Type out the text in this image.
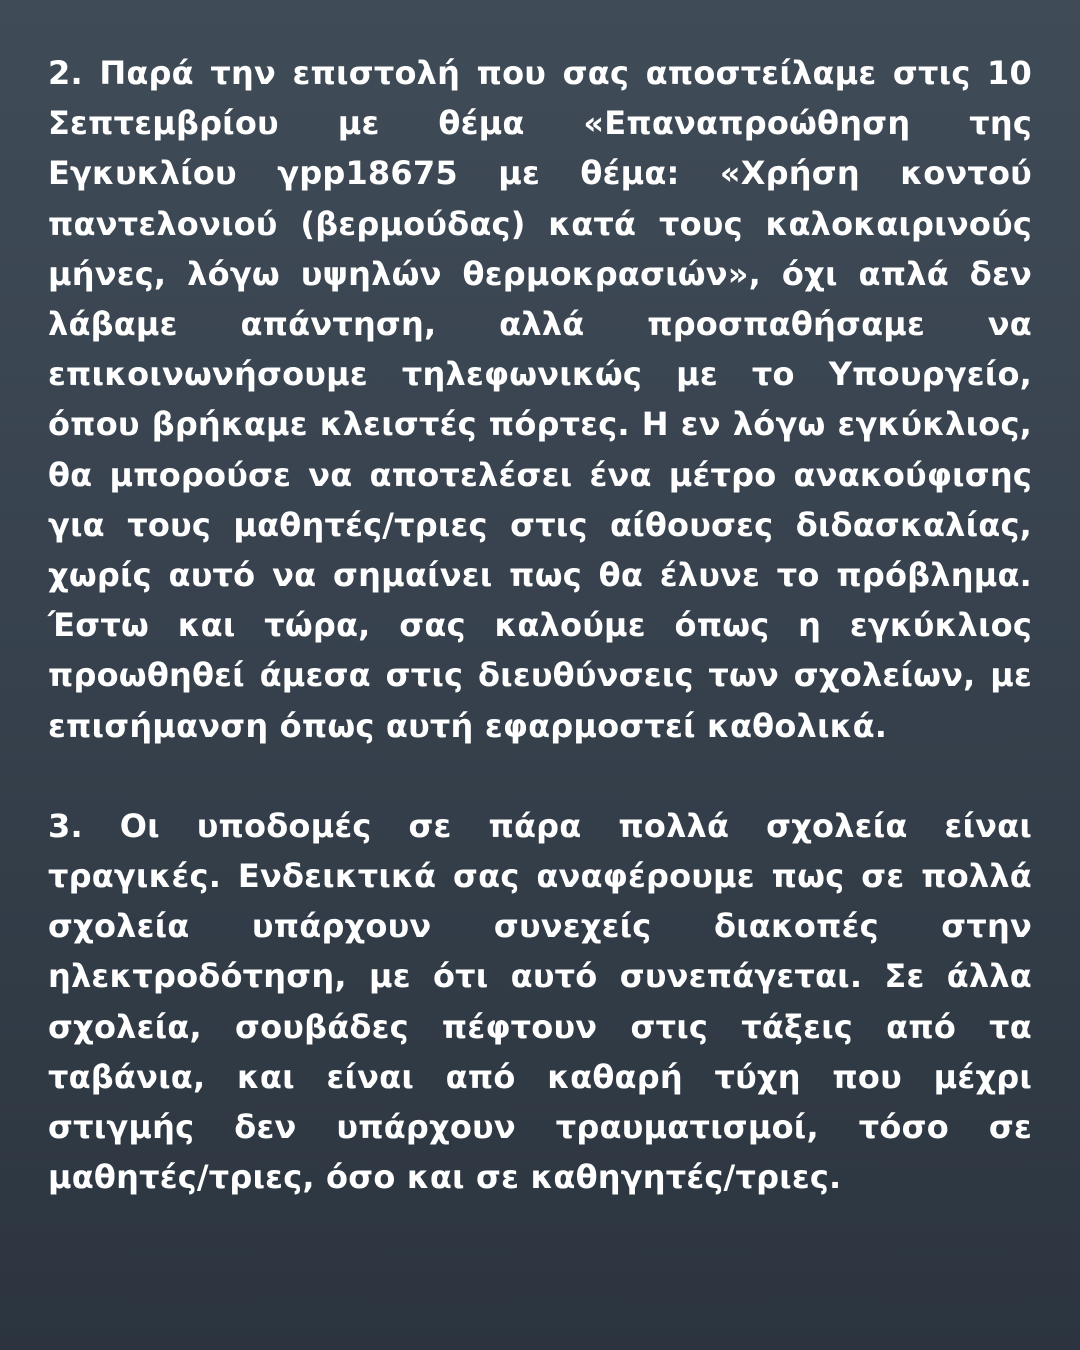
2. Παρά την επιστολή που σας αποστείλαμε στις 10 Σεπτεμβρίου με θέμα «Επαναπροώθηση της Εγκυκλίου γpp18675 με θέμα: «Χρήση κοντού παντελονιού (βερμούδας) κατά τους καλοκαιρινούς μήνες, λόγω υψηλών θερμοκρασιών», όχι απλά δεν λάβαμε απάντηση, αλλά προσπαθήσαμε να επικοινωνήσουμε τηλεφωνικώς με το Υπουργείο, όπου βρήκαμε κλειστές πόρτες. Η εν λόγω εγκύκλιος, θα μπορούσε να αποτελέσει ένα μέτρο ανακούφισης για τους μαθητές/τριες στις αίθουσες διδασκαλίας, χωρίς αυτό να σημαίνει πως θα έλυνε το πρόβλημα. Έστω και τώρα, σας καλούμε όπως η εγκύκλιος προωθηθεί άμεσα στις διευθύνσεις των σχολείων, με επισήμανση όπως αυτή εφαρμοστεί καθολικά.

3. Οι υποδομές σε πάρα πολλά σχολεία είναι τραγικές. Ενδεικτικά σας αναφέρουμε πως σε πολλά σχολεία υπάρχουν συνεχείς διακοπές στην ηλεκτροδότηση, με ότι αυτό συνεπάγεται. Σε άλλα σχολεία, σουβάδες πέφτουν στις τάξεις από τα ταβάνια, και είναι από καθαρή τύχη που μέχρι στιγμής δεν υπάρχουν τραυματισμοί, τόσο σε μαθητές/τριες, όσο και σε καθηγητές/τριες.
